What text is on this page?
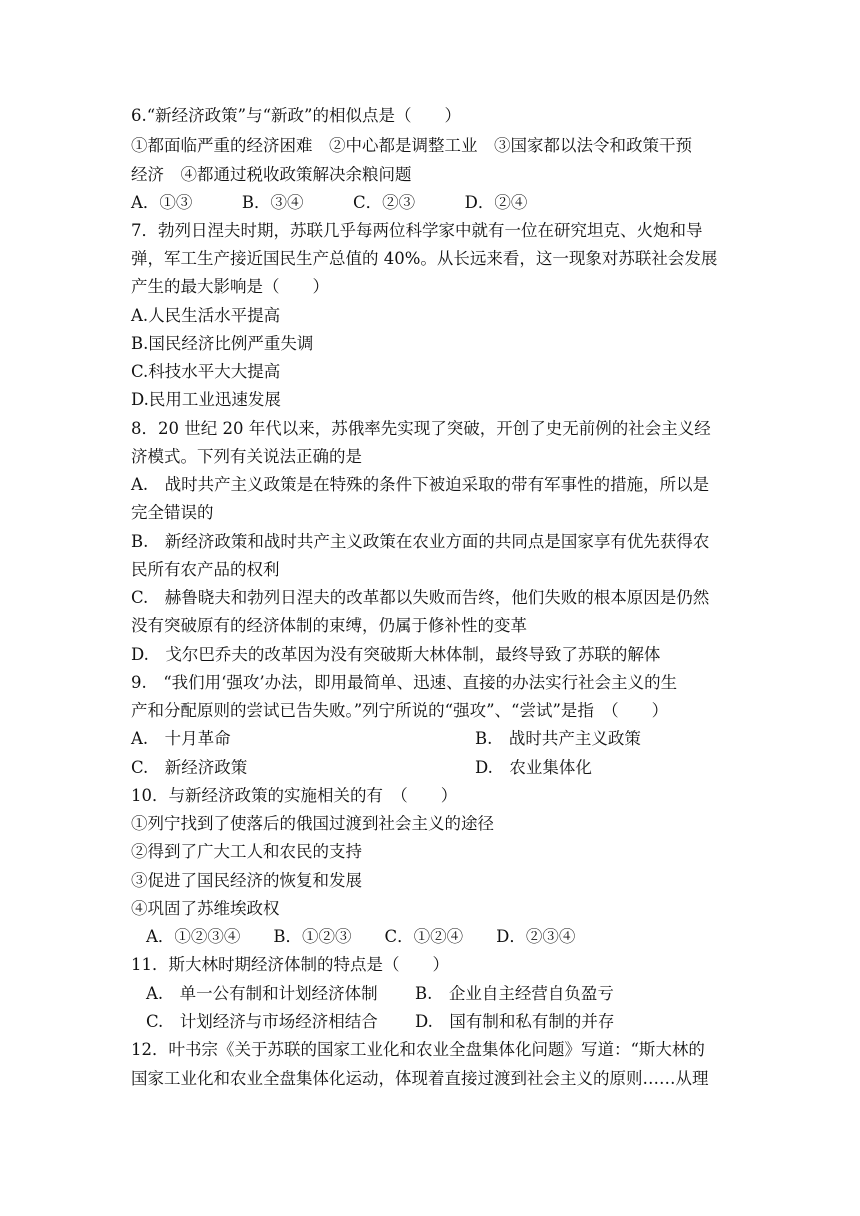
6.“新经济政策”与“新政”的相似点是（　　）
①都面临严重的经济困难　②中心都是调整工业　③国家都以法令和政策干预
经济　④都通过税收政策解决余粮问题
A．①③　　　B．③④　　　C．②③　　　D．②④
7．勃列日涅夫时期，苏联几乎每两位科学家中就有一位在研究坦克、火炮和导
弹，军工生产接近国民生产总值的 40%。从长远来看，这一现象对苏联社会发展
产生的最大影响是（　　）
A.人民生活水平提高
B.国民经济比例严重失调
C.科技水平大大提高
D.民用工业迅速发展
8．20 世纪 20 年代以来，苏俄率先实现了突破，开创了史无前例的社会主义经
济模式。下列有关说法正确的是
A.　战时共产主义政策是在特殊的条件下被迫采取的带有军事性的措施，所以是
完全错误的
B.　新经济政策和战时共产主义政策在农业方面的共同点是国家享有优先获得农
民所有农产品的权利
C.　赫鲁晓夫和勃列日涅夫的改革都以失败而告终，他们失败的根本原因是仍然
没有突破原有的经济体制的束缚，仍属于修补性的变革
D.　戈尔巴乔夫的改革因为没有突破斯大林体制，最终导致了苏联的解体
9.　“我们用‘强攻’办法，即用最简单、迅速、直接的办法实行社会主义的生
产和分配原则的尝试已告失败。”列宁所说的“强攻”、“尝试”是指　（　　）
A.　十月革命	B.　战时共产主义政策
C.　新经济政策	D.　农业集体化
10．与新经济政策的实施相关的有　（　　）
①列宁找到了使落后的俄国过渡到社会主义的途径
②得到了广大工人和农民的支持
③促进了国民经济的恢复和发展
④巩固了苏维埃政权
A．①②③④　　B．①②③　　C．①②④　　D．②③④
11．斯大林时期经济体制的特点是（　　）
A.　单一公有制和计划经济体制 B.　企业自主经营自负盈亏
C.　计划经济与市场经济相结合 D.　国有制和私有制的并存
12．叶书宗《关于苏联的国家工业化和农业全盘集体化问题》写道：“斯大林的
国家工业化和农业全盘集体化运动，体现着直接过渡到社会主义的原则……从理
